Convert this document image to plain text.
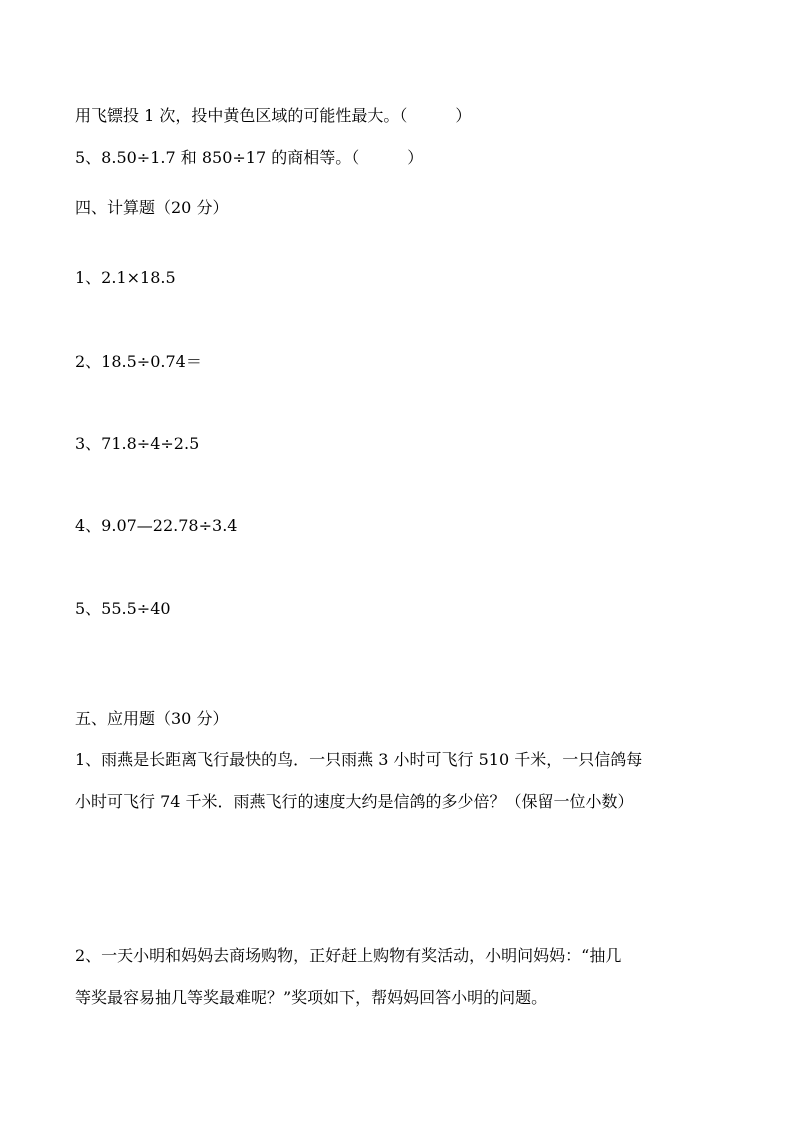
用飞镖投 1 次，投中黄色区域的可能性最大。（　　　）
5、8.50÷1.7 和 850÷17 的商相等。（　　　）
四、计算题（20 分）
1、2.1×18.5
2、18.5÷0.74＝
3、71.8÷4÷2.5
4、9.07—22.78÷3.4
5、55.5÷40
五、应用题（30 分）
1、雨燕是长距离飞行最快的鸟．一只雨燕 3 小时可飞行 510 千米，一只信鸽每
小时可飞行 74 千米．雨燕飞行的速度大约是信鸽的多少倍？（保留一位小数）
2、一天小明和妈妈去商场购物，正好赶上购物有奖活动，小明问妈妈：“抽几
等奖最容易抽几等奖最难呢？”奖项如下，帮妈妈回答小明的问题。
